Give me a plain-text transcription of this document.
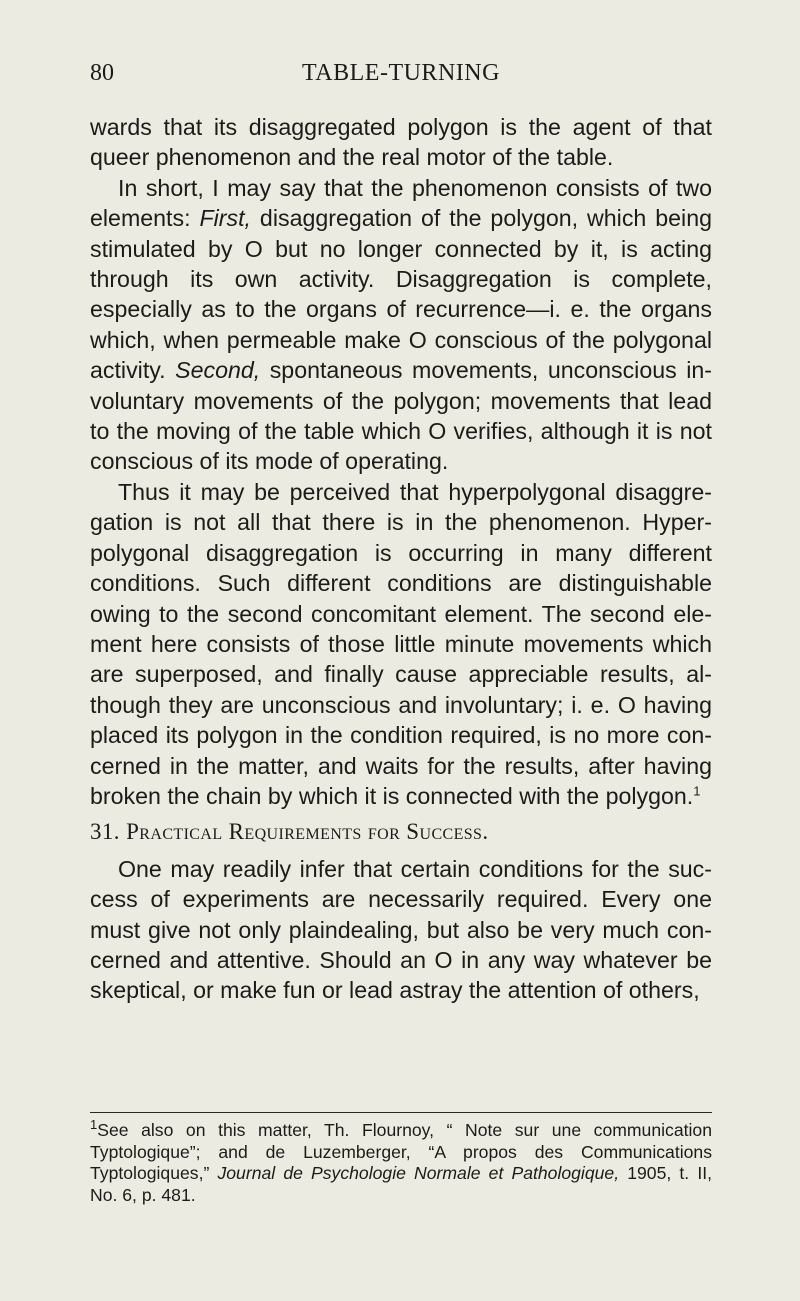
80	TABLE-TURNING

wards that its disaggregated polygon is the agent of that queer phenomenon and the real motor of the table.

In short, I may say that the phenomenon consists of two elements: First, disaggregation of the polygon, which being stimulated by O but no longer connected by it, is acting through its own activity. Disaggregation is complete, especially as to the organs of recurrence—i. e. the organs which, when permeable make O conscious of the polygonal activity. Second, spontaneous movements, unconscious in-voluntary movements of the polygon; movements that lead to the moving of the table which O verifies, although it is not conscious of its mode of operating.

Thus it may be perceived that hyperpolygonal disaggre-gation is not all that there is in the phenomenon. Hyper-polygonal disaggregation is occurring in many different conditions. Such different conditions are distinguishable owing to the second concomitant element. The second ele-ment here consists of those little minute movements which are superposed, and finally cause appreciable results, al-though they are unconscious and involuntary; i. e. O having placed its polygon in the condition required, is no more con-cerned in the matter, and waits for the results, after having broken the chain by which it is connected with the polygon.$^1$

31. Practical Requirements for Success.

One may readily infer that certain conditions for the suc-cess of experiments are necessarily required. Every one must give not only plaindealing, but also be very much con-cerned and attentive. Should an O in any way whatever be skeptical, or make fun or lead astray the attention of others,

$^1$See also on this matter, Th. Flournoy, “ Note sur une communication Typtologique”; and de Luzemberger, “A propos des Communications Typtologiques,” Journal de Psychologie Normale et Pathologique, 1905, t. II, No. 6, p. 481.
